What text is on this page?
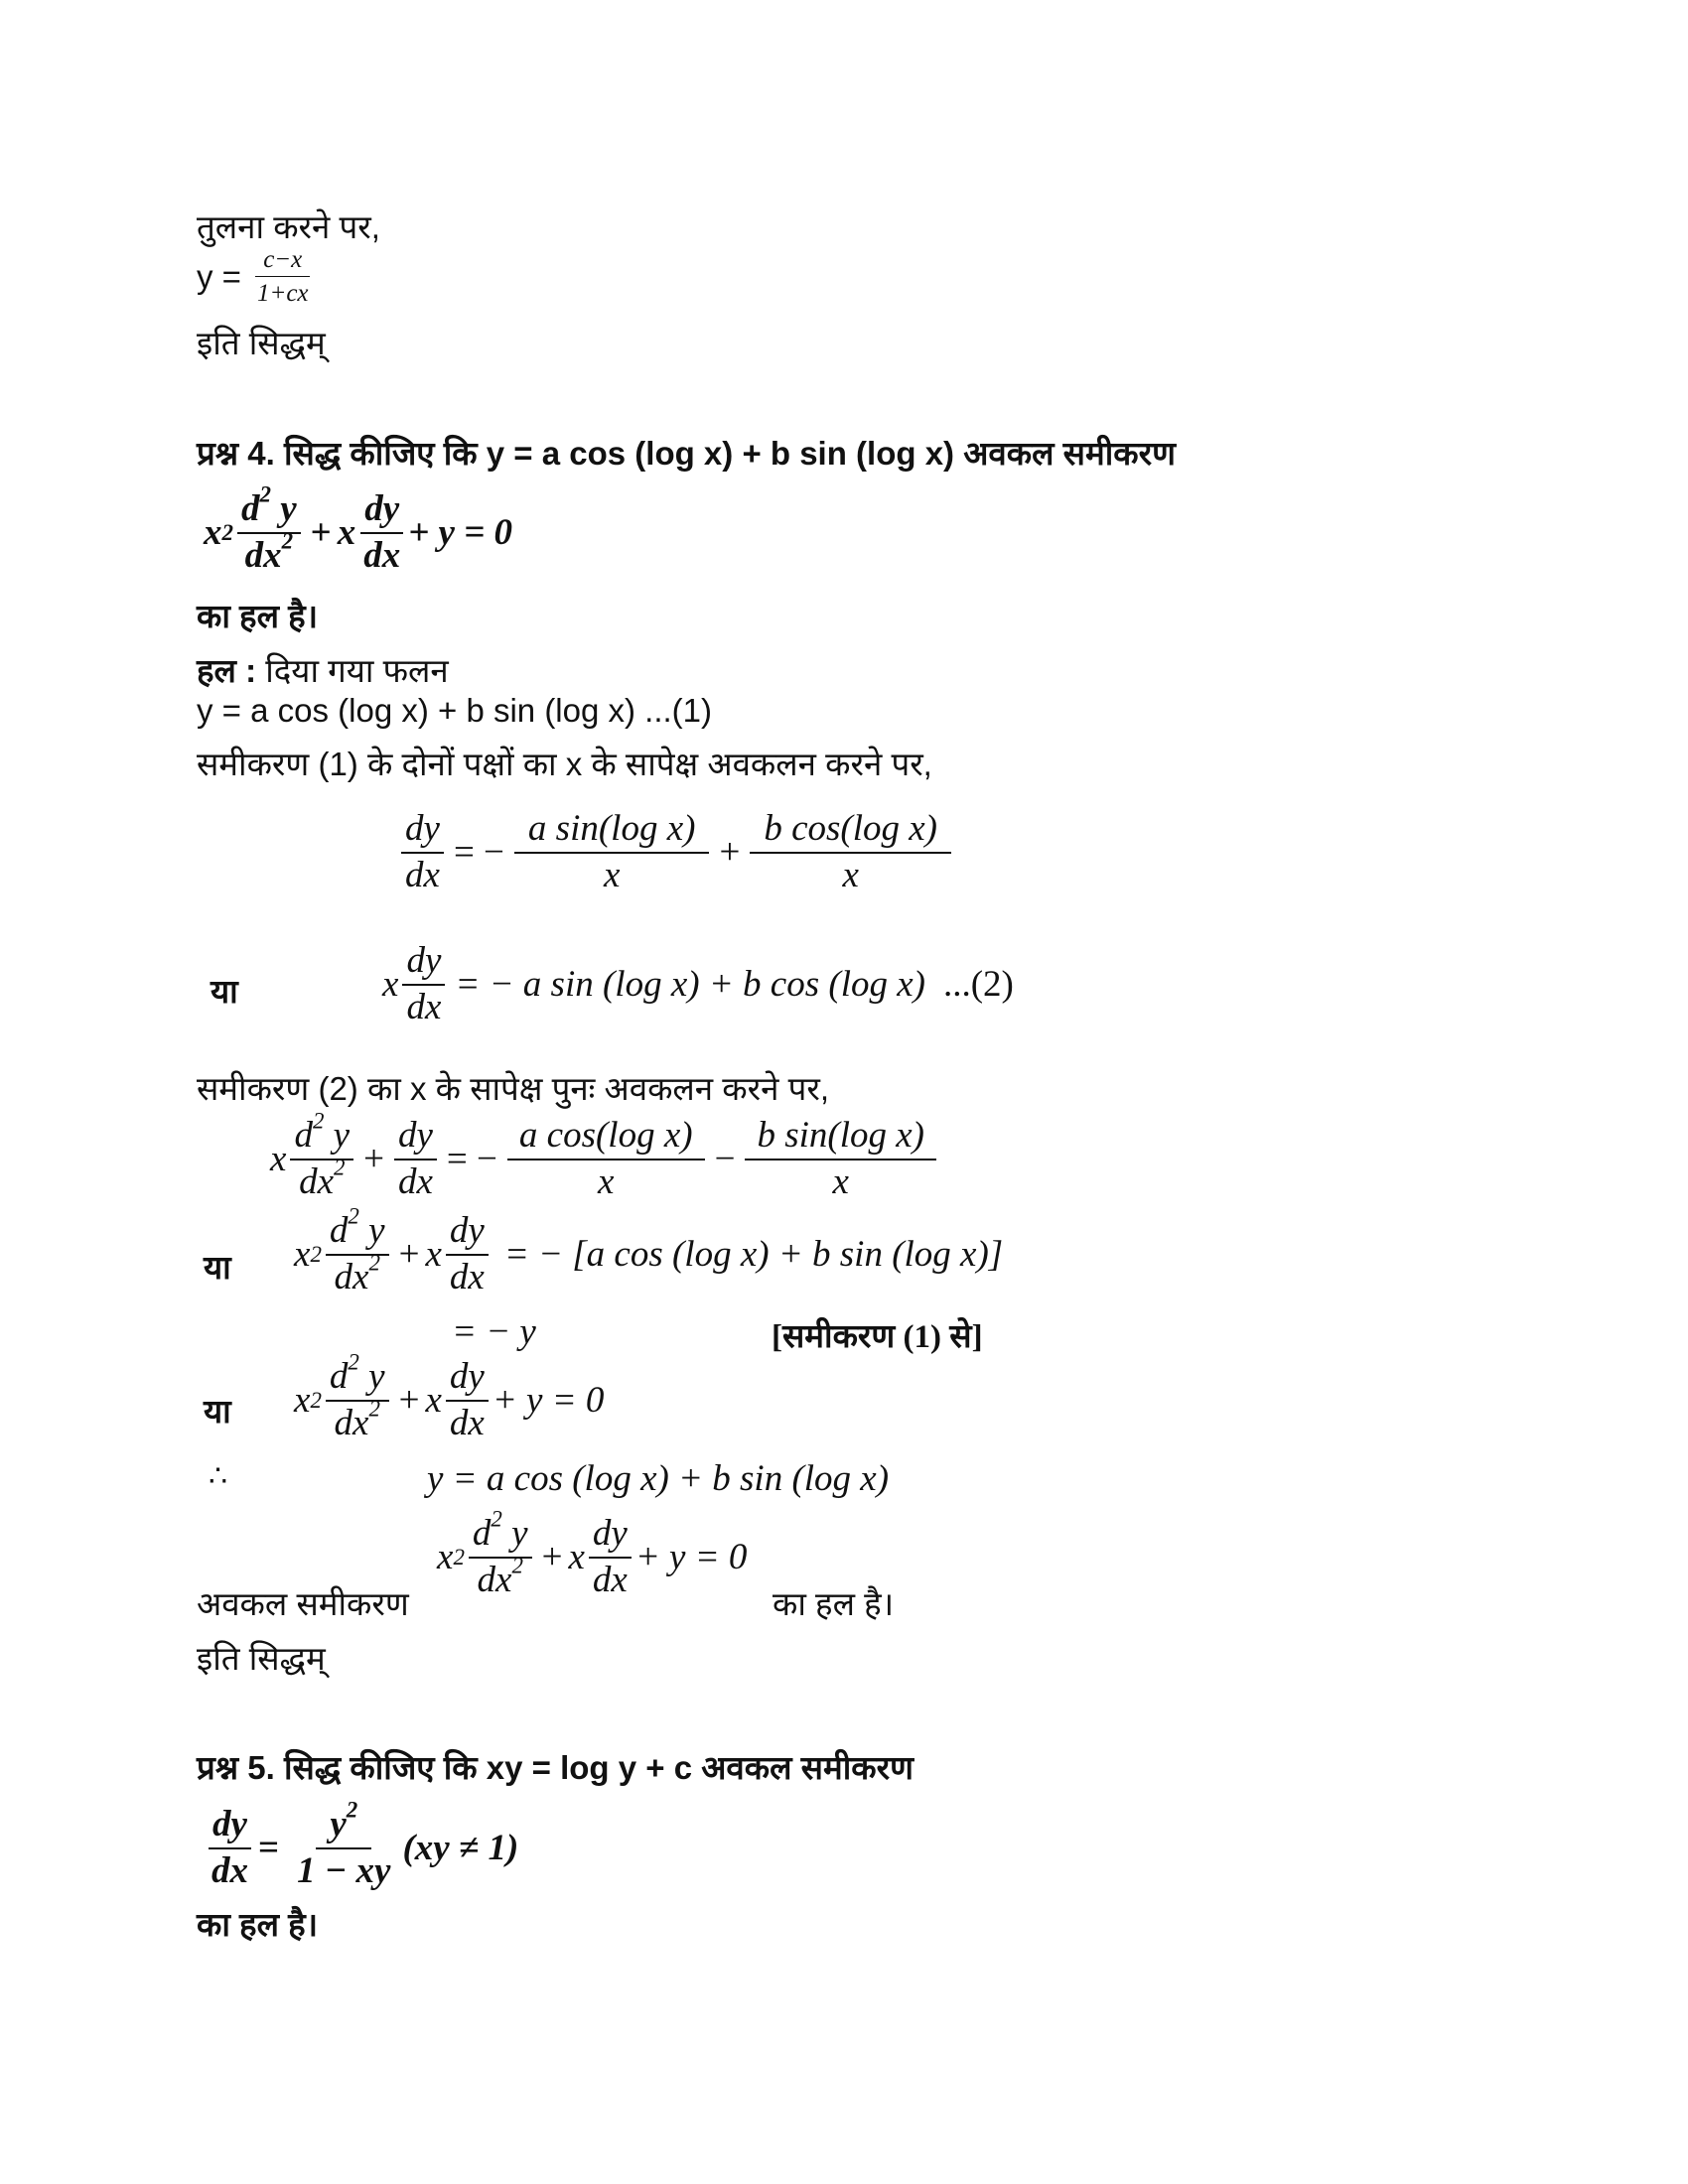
तुलना करने पर,
$y = \frac{c-x}{1+cx}$
इति सिद्धम्
प्रश्न 4. सिद्ध कीजिए कि y = a cos (log x) + b sin (log x) अवकल समीकरण
x $2 \frac{d^2 y}{dx^2} + x \frac{dy}{dx} + y = 0$
का हल है।
हल : दिया गया फलन
y = a cos (log x) + b sin (log x) ...(1)
समीकरण (1) के दोनों पक्षों का x के सापेक्ष अवकलन करने पर,
$\frac{dy}{dx}$ = − $\frac{\text{a sin(log x)}}{x} + \frac{\text{b cos(log x)}}{x}$
या	x $\frac{dy}{dx}$ = − a sin (log x) + b cos (log x) ...(2)
समीकरण (2) का x के सापेक्ष पुनः अवकलन करने पर,
x $\frac{d^2 y}{dx^2} + \frac{dy}{dx}$ = − $\frac{\text{a cos(log x)}}{x} - \frac{\text{b sin(log x)}}{x}$
या x $2 \frac{d^2 y}{dx^2} + x \frac{dy}{dx}$ = − [a cos (log x) + b sin (log x)]
= − y	[समीकरण (1) से]
या x $2 \frac{d^2 y}{dx^2} + x \frac{dy}{dx} + y = 0$
∴	y = a cos (log x) + b sin (log x)
x $2 \frac{d^2 y}{dx^2} + x \frac{dy}{dx} + y = 0$
अवकल समीकरण	का हल है।
इति सिद्धम्
प्रश्न 5. सिद्ध कीजिए कि xy = log y + c अवकल समीकरण
$\frac{dy}{dx} = \frac{y^2}{1 - xy} (xy \ne 1)$
का हल है।
